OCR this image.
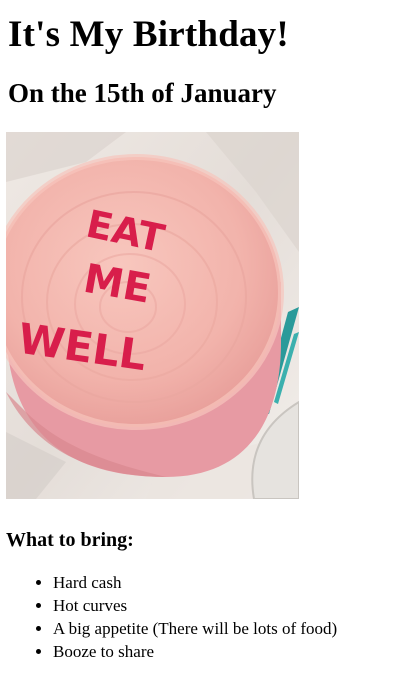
It's My Birthday!
On the 15th of January
EAT
ME
WELL
What to bring:
• Hard cash
• Hot curves
• A big appetite (There will be lots of food)
• Booze to share
